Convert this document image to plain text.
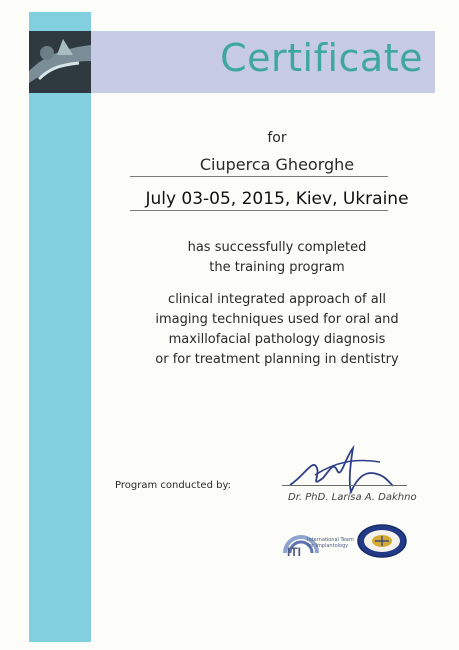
Certificate
for
Ciuperca Gheorghe
July 03-05, 2015, Kiev, Ukraine
has successfully completed
the training program
clinical integrated approach of all
imaging techniques used for oral and
maxillofacial pathology diagnosis
or for treatment planning in dentistry
Program conducted by:
Dr. PhD. Larisa A. Dakhno
ITI
International Team
for Implantology
